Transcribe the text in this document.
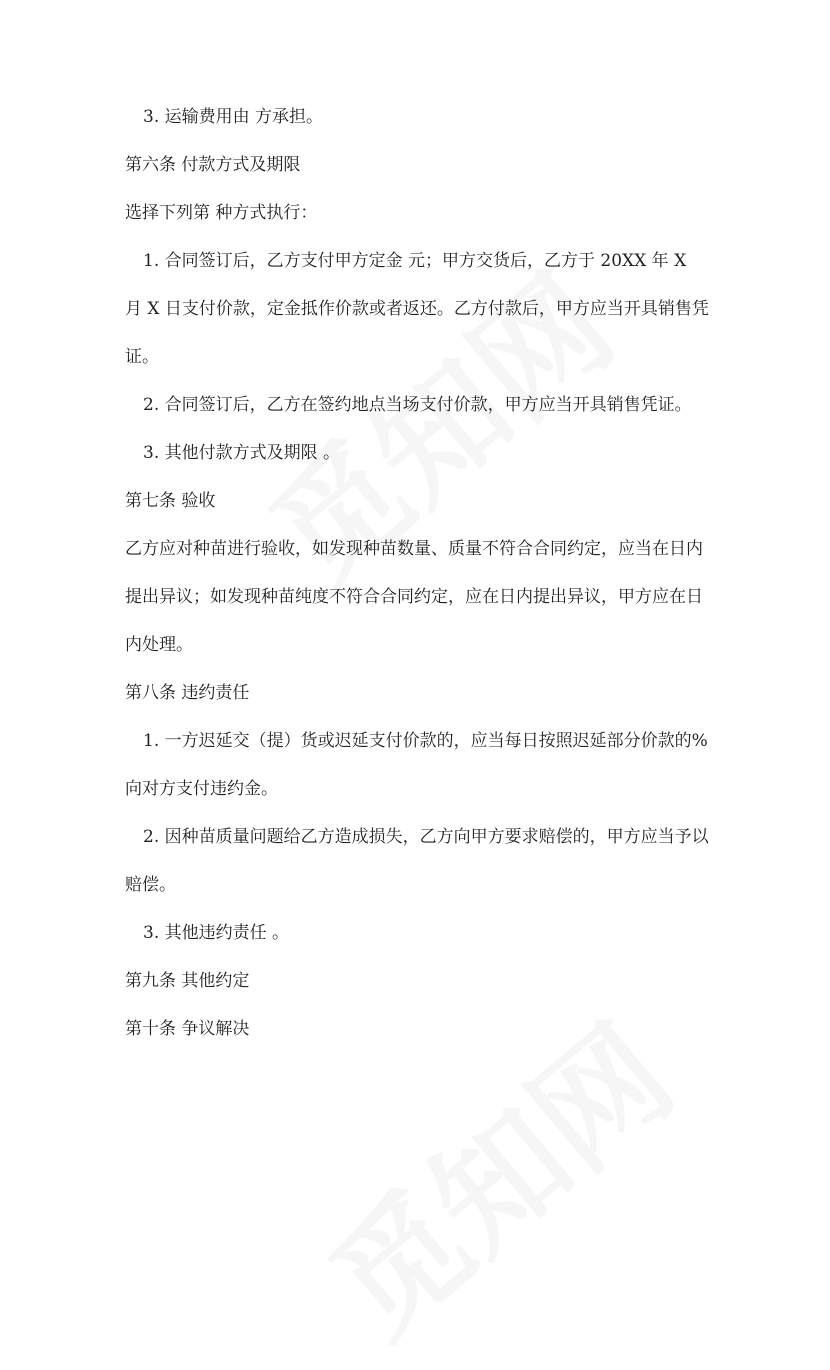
3. 运输费用由 方承担。
第六条 付款方式及期限
选择下列第 种方式执行：
1. 合同签订后，乙方支付甲方定金 元；甲方交货后，乙方于 20XX 年 X
月 X 日支付价款，定金抵作价款或者返还。乙方付款后，甲方应当开具销售凭
证。
2. 合同签订后，乙方在签约地点当场支付价款，甲方应当开具销售凭证。
3. 其他付款方式及期限 。
第七条 验收
乙方应对种苗进行验收，如发现种苗数量、质量不符合合同约定，应当在日内
提出异议；如发现种苗纯度不符合合同约定，应在日内提出异议，甲方应在日
内处理。
第八条 违约责任
1. 一方迟延交（提）货或迟延支付价款的，应当每日按照迟延部分价款的%
向对方支付违约金。
2. 因种苗质量问题给乙方造成损失，乙方向甲方要求赔偿的，甲方应当予以
赔偿。
3. 其他违约责任 。
第九条 其他约定
第十条 争议解决
